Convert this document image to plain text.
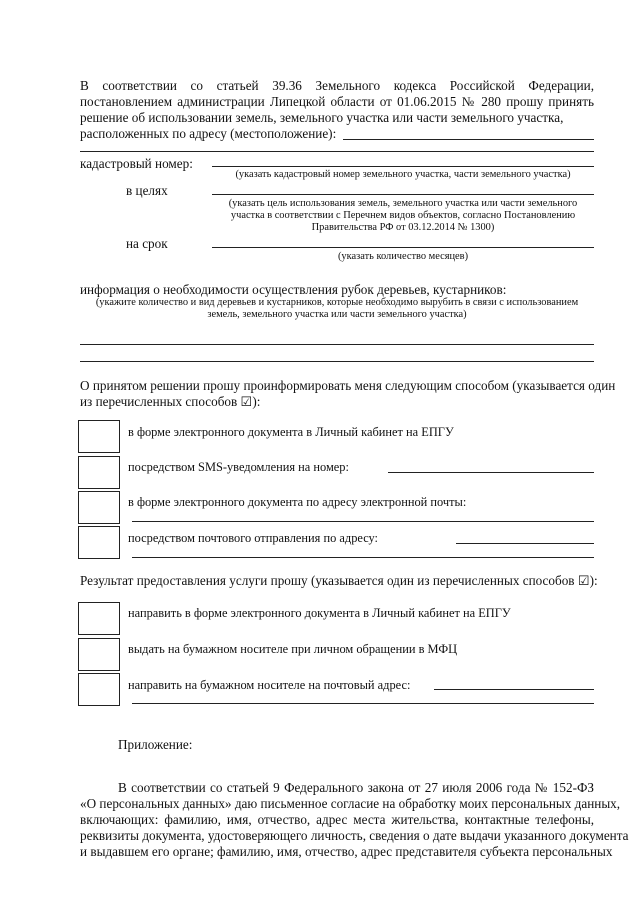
В соответствии со статьей 39.36 Земельного кодекса Российской Федерации,
постановлением администрации Липецкой области от 01.06.2015 № 280 прошу принять
решение об использовании земель, земельного участка или части земельного участка,
расположенных по адресу (местоположение):
кадастровый номер:
(указать кадастровый номер земельного участка, части земельного участка)
в целях
(указать цель использования земель, земельного участка или части земельного
участка в соответствии с Перечнем видов объектов, согласно Постановлению
Правительства РФ от 03.12.2014 № 1300)
на срок
(указать количество месяцев)
информация о необходимости осуществления рубок деревьев, кустарников:
(укажите количество и вид деревьев и кустарников, которые необходимо вырубить в связи с использованием
земель, земельного участка или части земельного участка)
О принятом решении прошу проинформировать меня следующим способом (указывается один
из перечисленных способов ☑):
в форме электронного документа в Личный кабинет на ЕПГУ
посредством SMS-уведомления на номер:
в форме электронного документа по адресу электронной почты:
посредством почтового отправления по адресу:
Результат предоставления услуги прошу (указывается один из перечисленных способов ☑):
направить в форме электронного документа в Личный кабинет на ЕПГУ
выдать на бумажном носителе при личном обращении в МФЦ
направить на бумажном носителе на почтовый адрес:
Приложение:
В соответствии со статьей 9 Федерального закона от 27 июля 2006 года № 152-ФЗ
«О персональных данных» даю письменное согласие на обработку моих персональных данных,
включающих: фамилию, имя, отчество, адрес места жительства, контактные телефоны,
реквизиты документа, удостоверяющего личность, сведения о дате выдачи указанного документа
и выдавшем его органе; фамилию, имя, отчество, адрес представителя субъекта персональных
